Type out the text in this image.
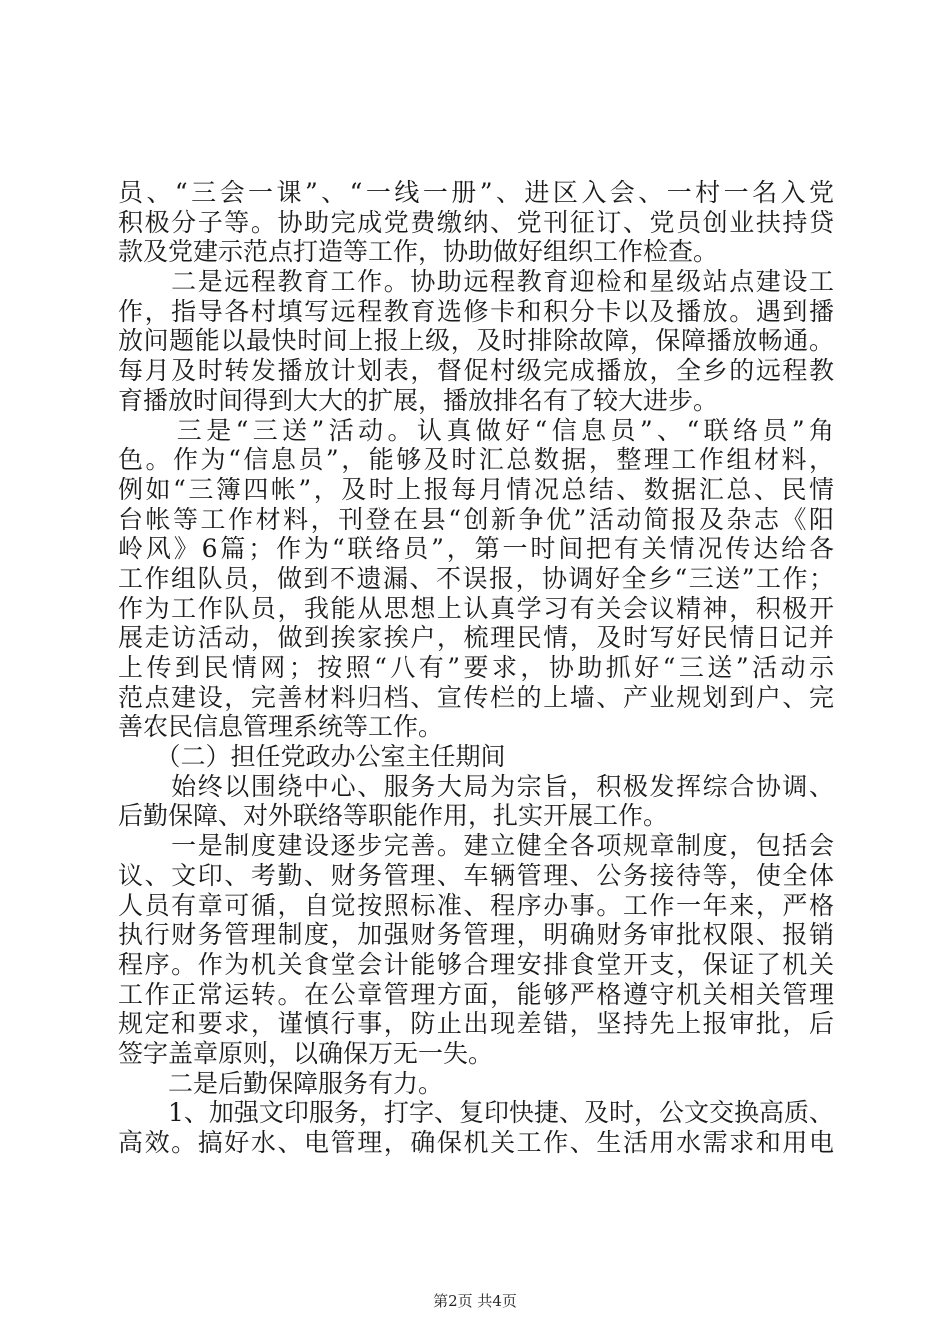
员、“三会一课”、“一线一册”、进区入会、一村一名入党
积极分子等。协助完成党费缴纳、党刊征订、党员创业扶持贷
款及党建示范点打造等工作，协助做好组织工作检查。
　　二是远程教育工作。协助远程教育迎检和星级站点建设工
作，指导各村填写远程教育选修卡和积分卡以及播放。遇到播
放问题能以最快时间上报上级，及时排除故障，保障播放畅通。
每月及时转发播放计划表，督促村级完成播放，全乡的远程教
育播放时间得到大大的扩展，播放排名有了较大进步。
　　三是“三送”活动。认真做好“信息员”、“联络员”角
色。作为“信息员”，能够及时汇总数据，整理工作组材料，
例如“三簿四帐”，及时上报每月情况总结、数据汇总、民情
台帐等工作材料，刊登在县“创新争优”活动简报及杂志《阳
岭风》6篇；作为“联络员”，第一时间把有关情况传达给各
工作组队员，做到不遗漏、不误报，协调好全乡“三送”工作；
作为工作队员，我能从思想上认真学习有关会议精神，积极开
展走访活动，做到挨家挨户，梳理民情，及时写好民情日记并
上传到民情网；按照“八有”要求，协助抓好“三送”活动示
范点建设，完善材料归档、宣传栏的上墙、产业规划到户、完
善农民信息管理系统等工作。
　　（二）担任党政办公室主任期间
　　始终以围绕中心、服务大局为宗旨，积极发挥综合协调、
后勤保障、对外联络等职能作用，扎实开展工作。
　　一是制度建设逐步完善。建立健全各项规章制度，包括会
议、文印、考勤、财务管理、车辆管理、公务接待等，使全体
人员有章可循，自觉按照标准、程序办事。工作一年来，严格
执行财务管理制度，加强财务管理，明确财务审批权限、报销
程序。作为机关食堂会计能够合理安排食堂开支，保证了机关
工作正常运转。在公章管理方面，能够严格遵守机关相关管理
规定和要求，谨慎行事，防止出现差错，坚持先上报审批，后
签字盖章原则，以确保万无一失。
　　二是后勤保障服务有力。
　　1、加强文印服务，打字、复印快捷、及时，公文交换高质、
高效。搞好水、电管理，确保机关工作、生活用水需求和用电
第2页 共4页
